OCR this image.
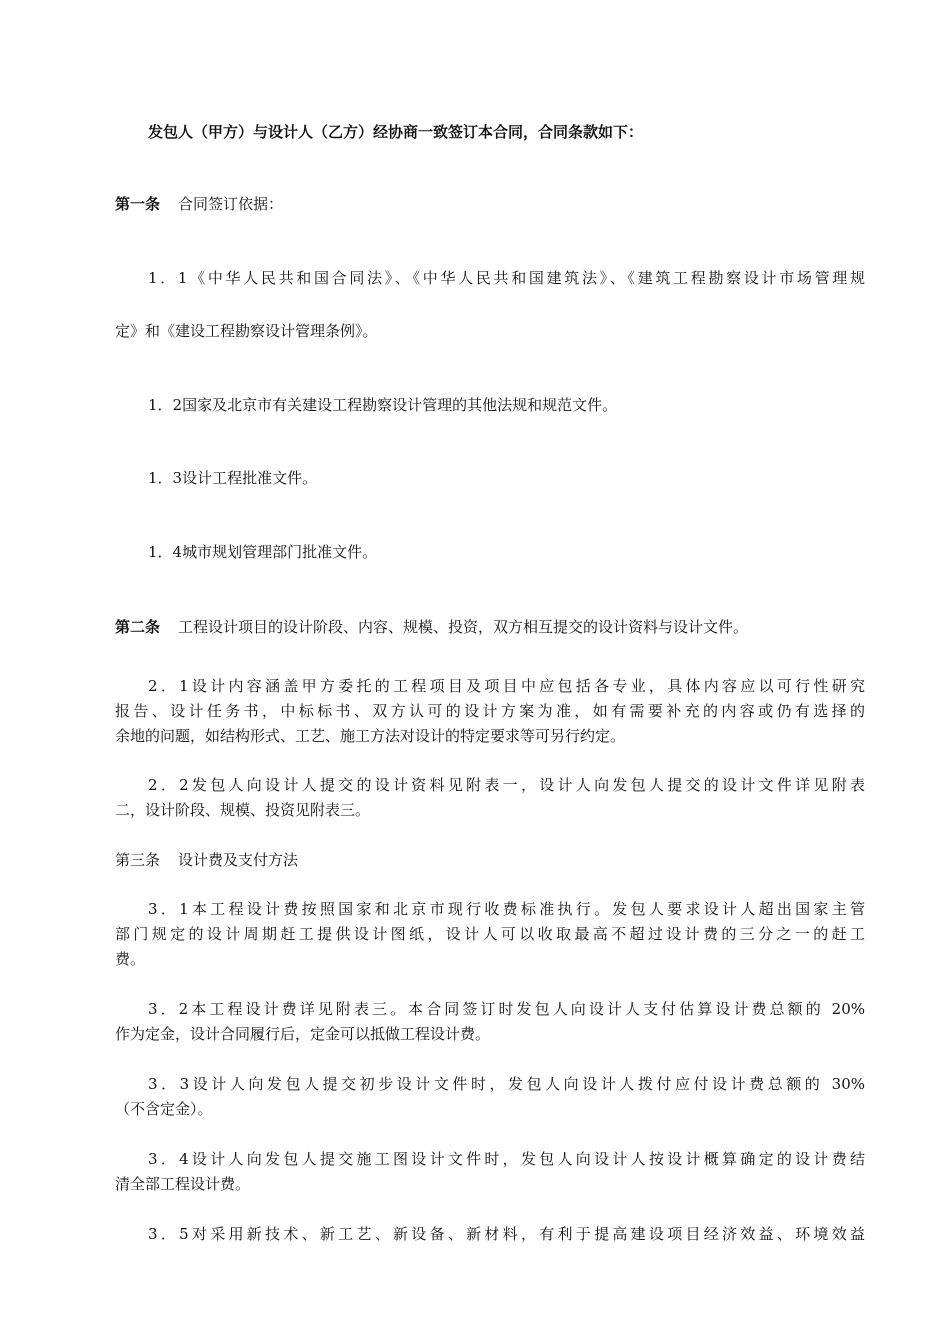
发包人（甲方）与设计人（乙方）经协商一致签订本合同，合同条款如下：
第一条 合同签订依据：
1．1《中华人民共和国合同法》、《中华人民共和国建筑法》、《建筑工程勘察设计市场管理规
定》和《建设工程勘察设计管理条例》。
1．2国家及北京市有关建设工程勘察设计管理的其他法规和规范文件。
1．3设计工程批准文件。
1．4城市规划管理部门批准文件。
第二条 工程设计项目的设计阶段、内容、规模、投资，双方相互提交的设计资料与设计文件。
2．1设计内容涵盖甲方委托的工程项目及项目中应包括各专业，具体内容应以可行性研究
报告、设计任务书，中标标书、双方认可的设计方案为准，如有需要补充的内容或仍有选择的
余地的问题，如结构形式、工艺、施工方法对设计的特定要求等可另行约定。
2．2发包人向设计人提交的设计资料见附表一，设计人向发包人提交的设计文件详见附表
二，设计阶段、规模、投资见附表三。
第三条 设计费及支付方法
3．1本工程设计费按照国家和北京市现行收费标准执行。发包人要求设计人超出国家主管
部门规定的设计周期赶工提供设计图纸，设计人可以收取最高不超过设计费的三分之一的赶工
费。
3．2本工程设计费详见附表三。本合同签订时发包人向设计人支付估算设计费总额的 20%
作为定金，设计合同履行后，定金可以抵做工程设计费。
3．3设计人向发包人提交初步设计文件时，发包人向设计人拨付应付设计费总额的 30%
（不含定金）。
3．4设计人向发包人提交施工图设计文件时，发包人向设计人按设计概算确定的设计费结
清全部工程设计费。
3．5对采用新技术、新工艺、新设备、新材料，有利于提高建设项目经济效益、环境效益
